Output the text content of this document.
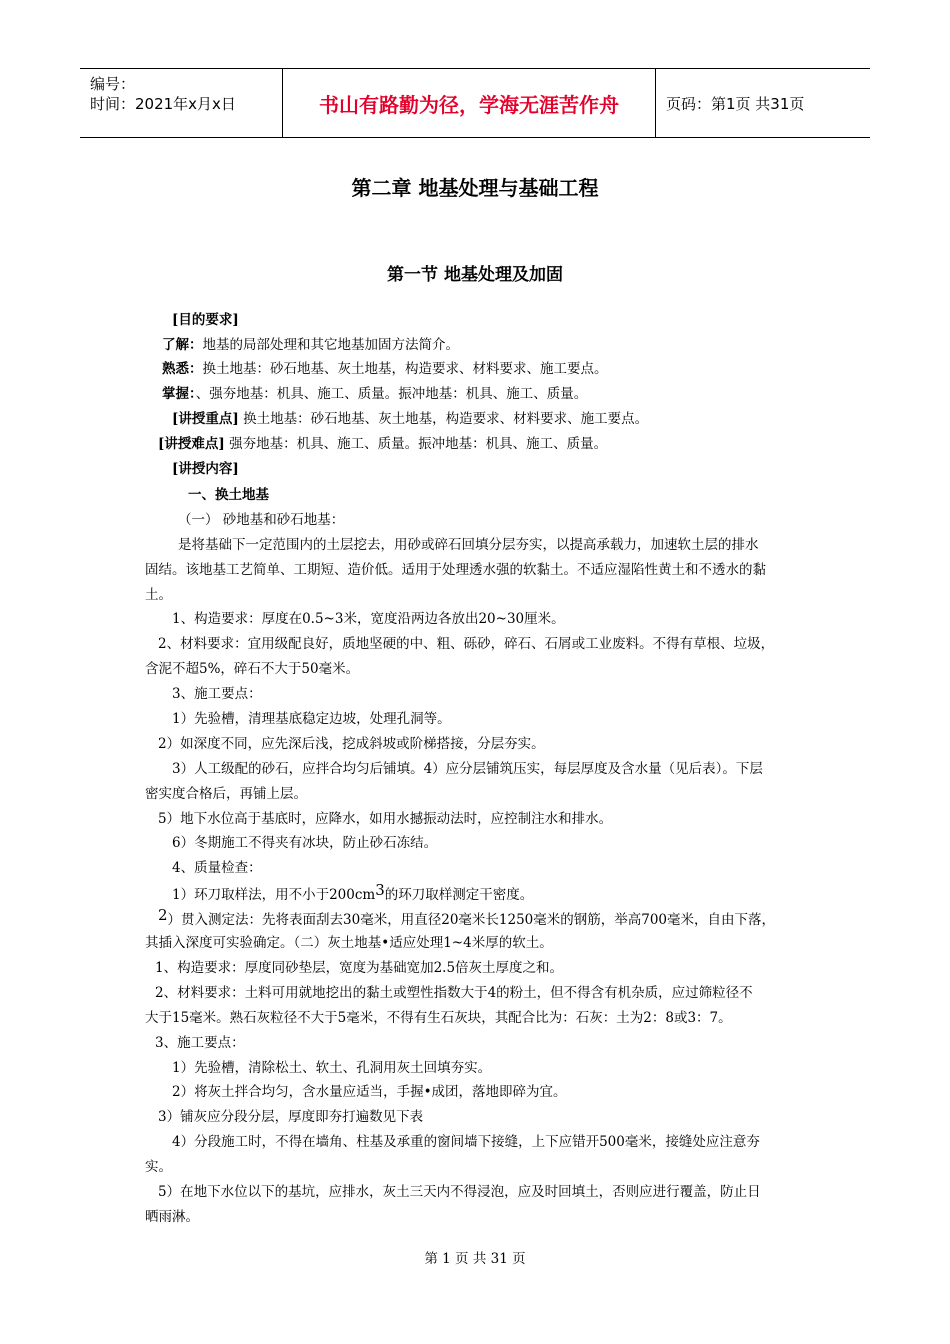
编号：
时间：2021年x月x日	书山有路勤为径，学海无涯苦作舟	页码：第1页 共31页
第二章 地基处理与基础工程
第一节 地基处理及加固
[目的要求]
了解：地基的局部处理和其它地基加固方法简介。
熟悉：换土地基：砂石地基、灰土地基，构造要求、材料要求、施工要点。
掌握：、强夯地基：机具、施工、质量。振冲地基：机具、施工、质量。
[讲授重点] 换土地基：砂石地基、灰土地基，构造要求、材料要求、施工要点。
[讲授难点] 强夯地基：机具、施工、质量。振冲地基：机具、施工、质量。
[讲授内容]
一、换土地基
（一） 砂地基和砂石地基：
是将基础下一定范围内的土层挖去，用砂或碎石回填分层夯实，以提高承载力，加速软土层的排水
固结。该地基工艺简单、工期短、造价低。适用于处理透水强的软黏土。不适应湿陷性黄土和不透水的黏
土。
1、构造要求：厚度在0.5~3米，宽度沿两边各放出20~30厘米。
2、材料要求：宜用级配良好，质地坚硬的中、粗、砾砂，碎石、石屑或工业废料。不得有草根、垃圾，
含泥不超5%，碎石不大于50毫米。
3、施工要点：
1）先验槽，清理基底稳定边坡，处理孔洞等。
2）如深度不同，应先深后浅，挖成斜坡或阶梯搭接，分层夯实。
3）人工级配的砂石，应拌合均匀后铺填。4）应分层铺筑压实，每层厚度及含水量（见后表）。下层
密实度合格后，再铺上层。
5）地下水位高于基底时，应降水，如用水撼振动法时，应控制注水和排水。
6）冬期施工不得夹有冰块，防止砂石冻结。
4、质量检查：
1）环刀取样法，用不小于$200cm^3$的环刀取样测定干密度。
$^2$）贯入测定法：先将表面刮去30毫米，用直径20毫米长1250毫米的钢筋，举高700毫米，自由下落，
其插入深度可实验确定。（二）灰土地基•适应处理1~4米厚的软土。
1、构造要求：厚度同砂垫层，宽度为基础宽加2.5倍灰土厚度之和。
2、材料要求：土料可用就地挖出的黏土或塑性指数大于4的粉土，但不得含有机杂质，应过筛粒径不
大于15毫米。熟石灰粒径不大于5毫米，不得有生石灰块，其配合比为：石灰：土为2：8或3：7。
3、施工要点：
1）先验槽，清除松土、软土、孔洞用灰土回填夯实。
2）将灰土拌合均匀，含水量应适当，手握•成团，落地即碎为宜。
3）铺灰应分段分层，厚度即夯打遍数见下表
4）分段施工时，不得在墙角、柱基及承重的窗间墙下接缝，上下应错开500毫米，接缝处应注意夯
实。
5）在地下水位以下的基坑，应排水，灰土三天内不得浸泡，应及时回填土，否则应进行覆盖，防止日
晒雨淋。
第 1 页 共 31 页
